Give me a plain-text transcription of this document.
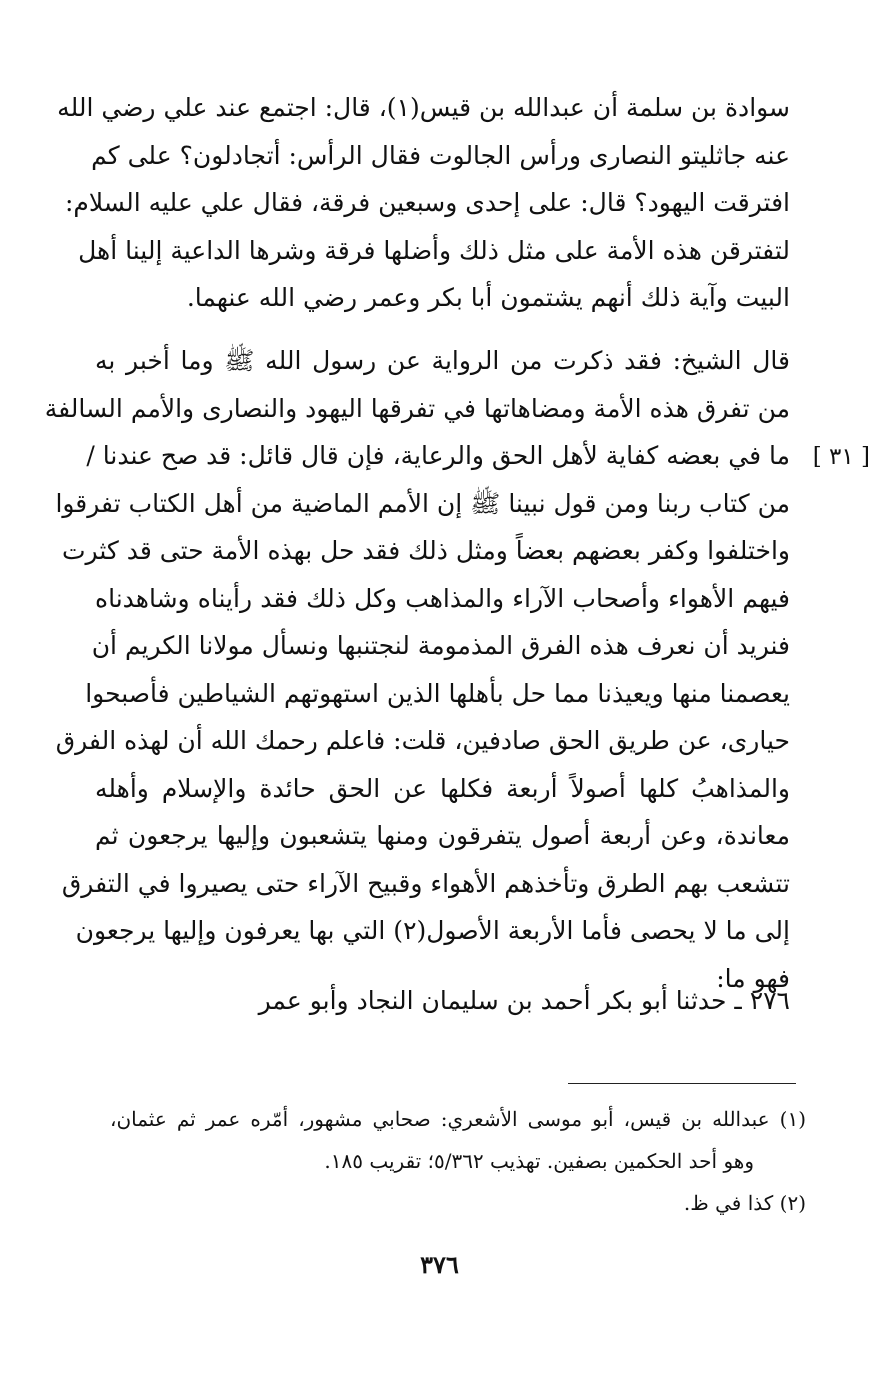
سوادة بن سلمة أن عبدالله بن قيس(١)، قال: اجتمع عند علي رضي الله
عنه جاثليتو النصارى ورأس الجالوت فقال الرأس: أتجادلون؟ على كم
افترقت اليهود؟ قال: على إحدى وسبعين فرقة، فقال علي عليه السلام:
لتفترقن هذه الأمة على مثل ذلك وأضلها فرقة وشرها الداعية إلينا أهل
البيت وآية ذلك أنهم يشتمون أبا بكر وعمر رضي الله عنهما.
قال الشيخ: فقد ذكرت من الرواية عن رسول الله ﷺ وما أخبر به
من تفرق هذه الأمة ومضاهاتها في تفرقها اليهود والنصارى والأمم السالفة
ما في بعضه كفاية لأهل الحق والرعاية، فإن قال قائل: قد صح عندنا /
من كتاب ربنا ومن قول نبينا ﷺ إن الأمم الماضية من أهل الكتاب تفرقوا
واختلفوا وكفر بعضهم بعضاً ومثل ذلك فقد حل بهذه الأمة حتى قد كثرت
فيهم الأهواء وأصحاب الآراء والمذاهب وكل ذلك فقد رأيناه وشاهدناه
فنريد أن نعرف هذه الفرق المذمومة لنجتنبها ونسأل مولانا الكريم أن
يعصمنا منها ويعيذنا مما حل بأهلها الذين استهوتهم الشياطين فأصبحوا
حيارى، عن طريق الحق صادفين، قلت: فاعلم رحمك الله أن لهذه الفرق
والمذاهبُ كلها أصولاً أربعة فكلها عن الحق حائدة والإسلام وأهله
معاندة، وعن أربعة أصول يتفرقون ومنها يتشعبون وإليها يرجعون ثم
تتشعب بهم الطرق وتأخذهم الأهواء وقبيح الآراء حتى يصيروا في التفرق
إلى ما لا يحصى فأما الأربعة الأصول(٢) التي بها يعرفون وإليها يرجعون
فهو ما:
[ ٣١ ]
٢٧٦ ـ حدثنا أبو بكر أحمد بن سليمان النجاد وأبو عمر
(١) عبدالله بن قيس، أبو موسى الأشعري: صحابي مشهور، أمّره عمر ثم عثمان،
وهو أحد الحكمين بصفين. تهذيب ٥/٣٦٢؛ تقريب ١٨٥.
(٢) كذا في ظ.
٣٧٦
